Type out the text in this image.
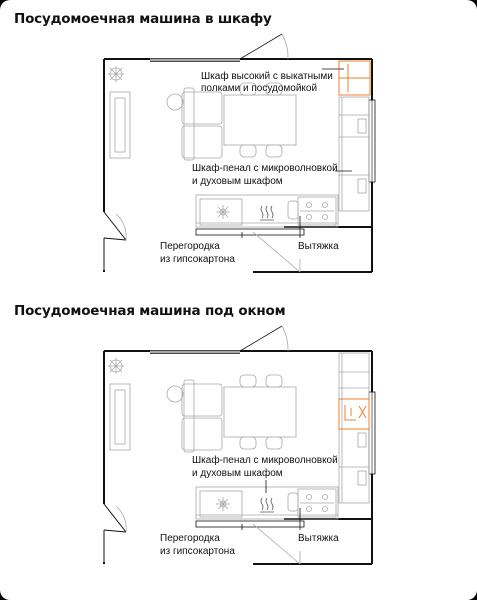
Посудомоечная машина в шкафу
Шкаф высокий с выкатными
полками и посудомойкой
Шкаф-пенал с микроволновкой
и духовым шкафом
Перегородка
из гипсокартона
Вытяжка
Посудомоечная машина под окном
Шкаф-пенал с микроволновкой
и духовым шкафом
Перегородка
из гипсокартона
Вытяжка
